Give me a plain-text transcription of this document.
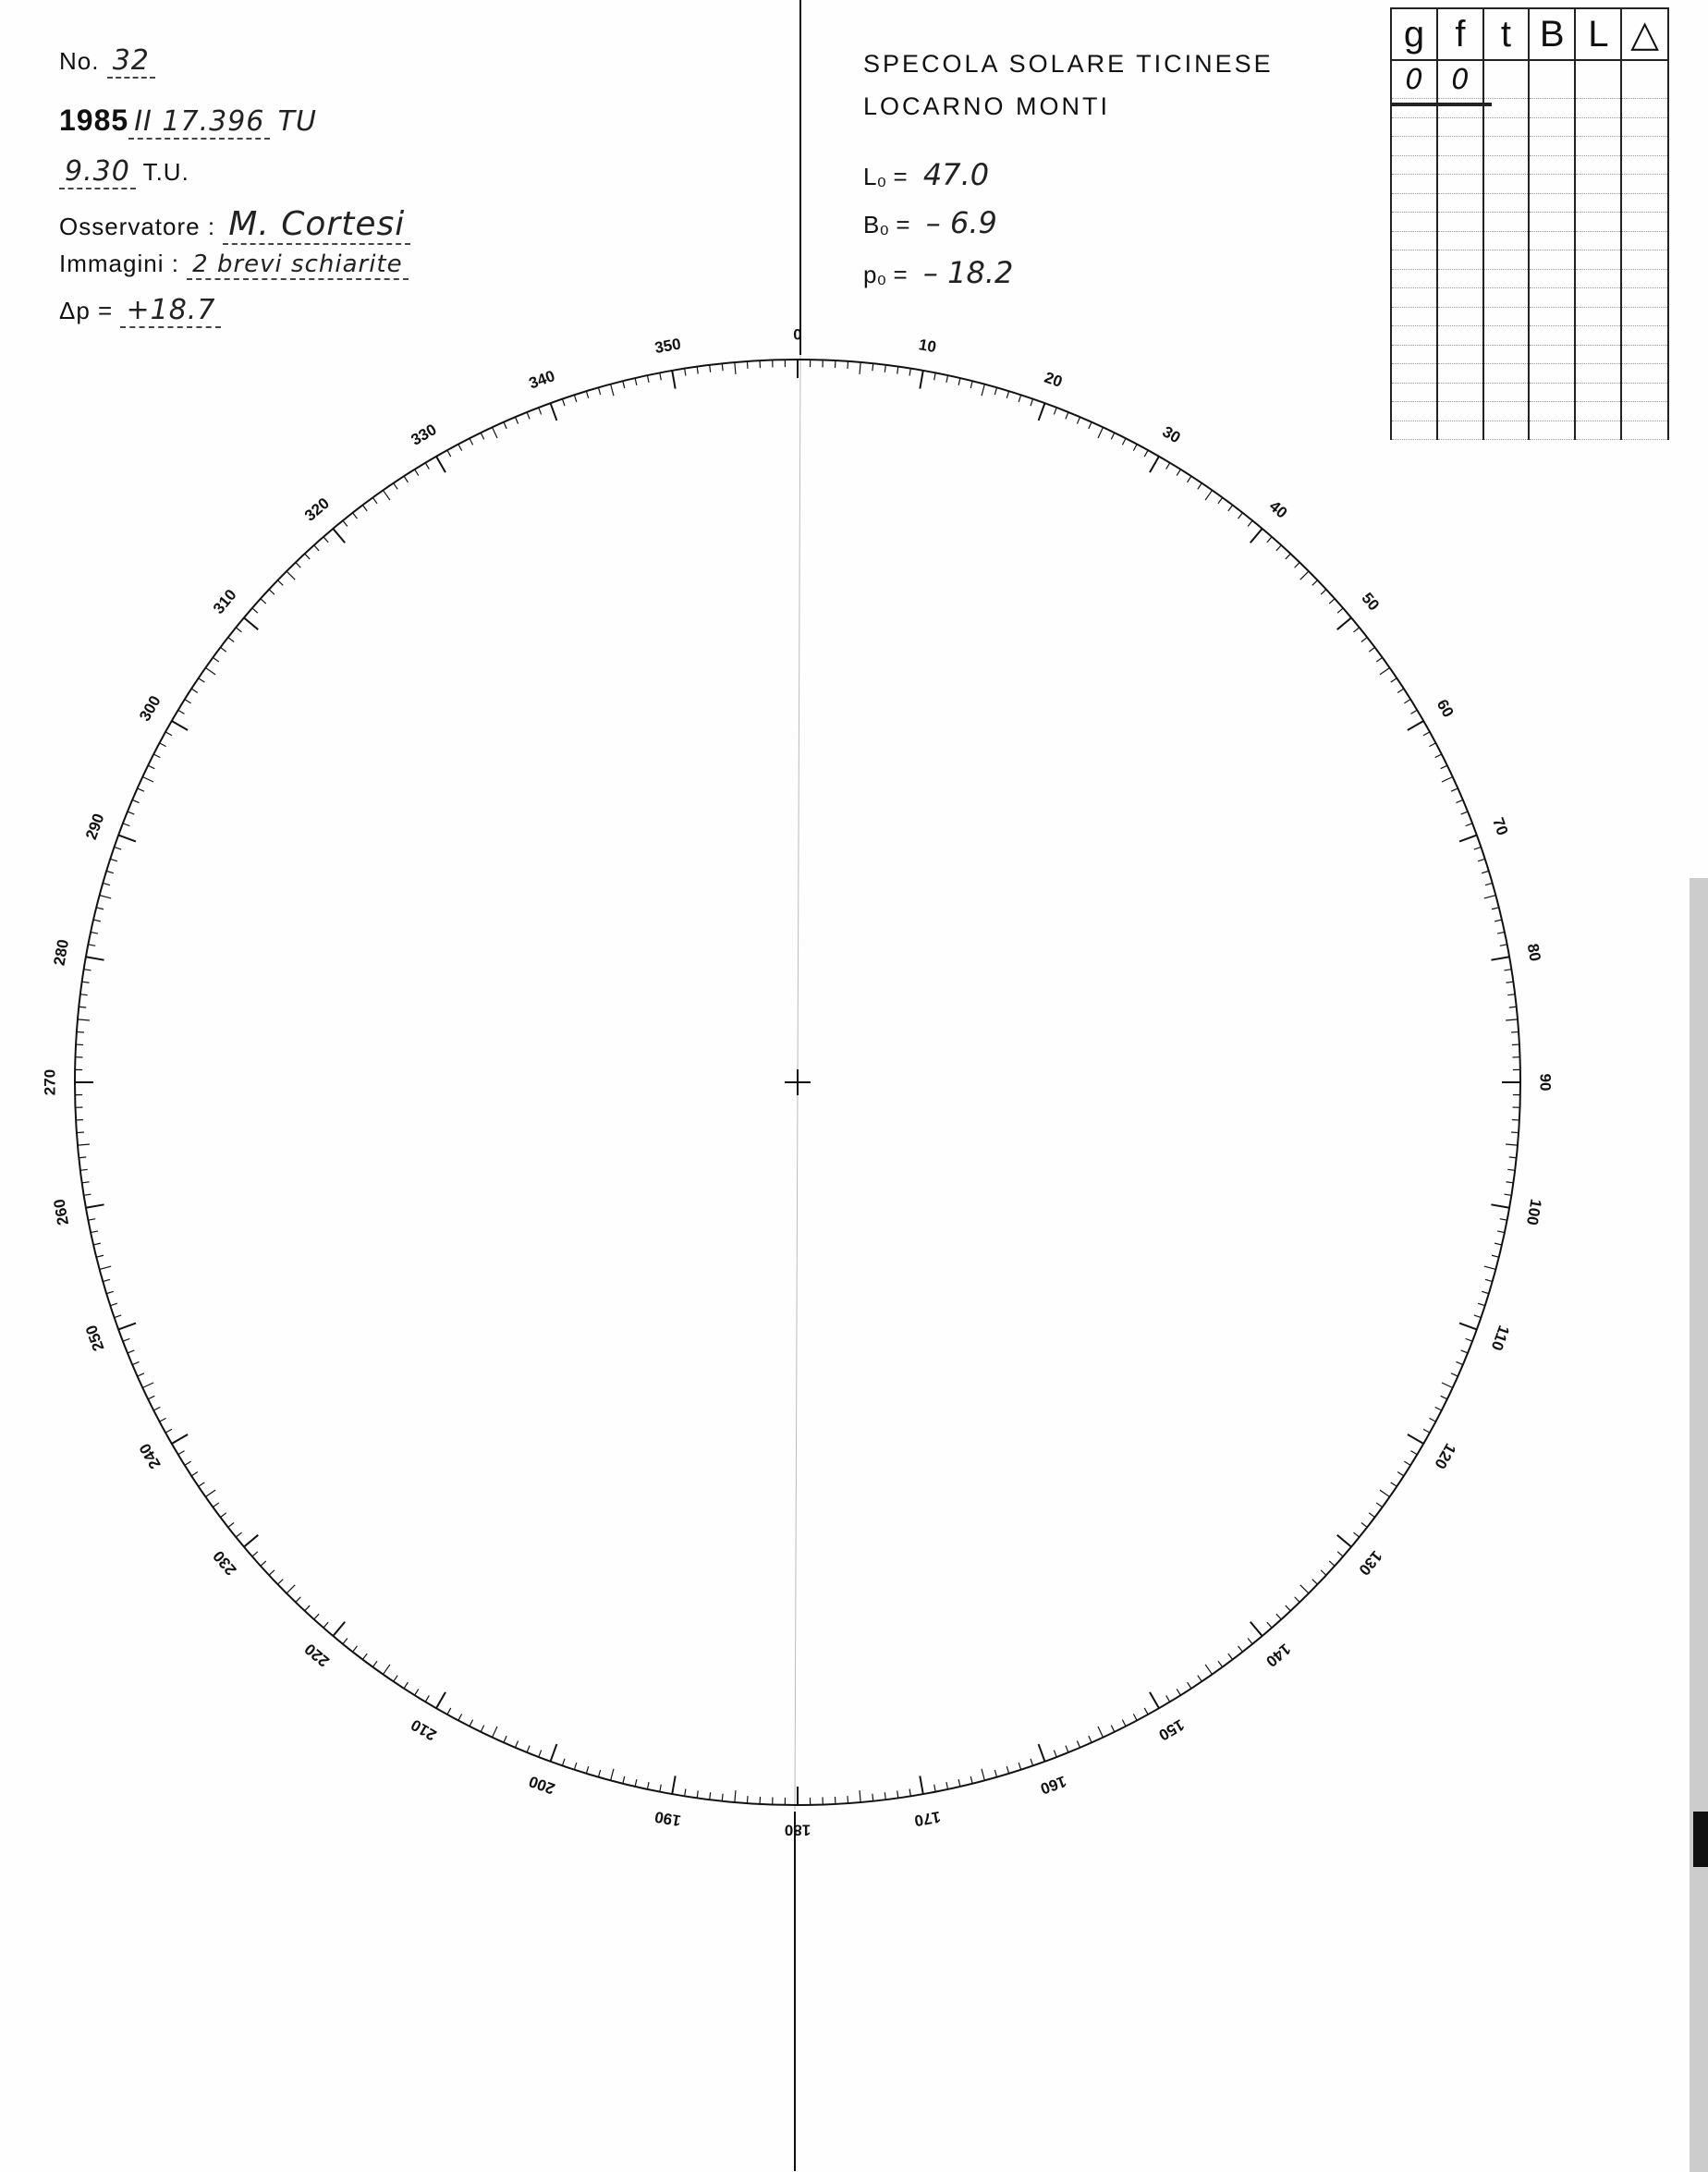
No. 32
1985 II 17.396 TU
9.30 T.U.
Osservatore : M. Cortesi
Immagini : 2 brevi schiarite
Δp = +18.7
SPECOLA SOLARE TICINESE
LOCARNO MONTI
L₀ = 47.0
B₀ = – 6.9
p₀ = – 18.2
g	f	t	B	L	△
0	0				

0
10
20
30
40
50
60
70
80
90
100
110
120
130
140
150
160
170
180
190
200
210
220
230
240
250
260
270
280
290
300
310
320
330
340
350
